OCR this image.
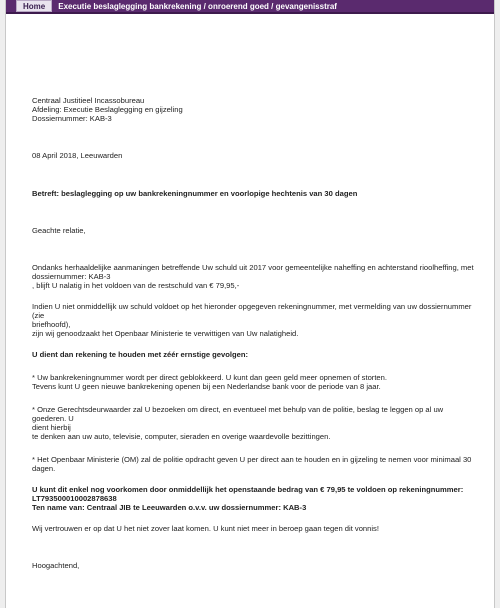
Home	Executie beslaglegging bankrekening / onroerend goed / gevangenisstraf

Centraal Justitieel Incassobureau

Afdeling: Executie Beslaglegging en gijzeling

Dossiernummer: KAB-3

08 April 2018, Leeuwarden

Betreft: beslaglegging op uw bankrekeningnummer en voorlopige hechtenis van 30 dagen

Geachte relatie,

Ondanks herhaaldelijke aanmaningen betreffende Uw schuld uit 2017 voor gemeentelijke naheffing en achterstand rioolheffing, met

dossiernummer: KAB-3

, blijft U nalatig in het voldoen van de restschuld van € 79,95,-

Indien U niet onmiddellijk uw schuld voldoet op het hieronder opgegeven rekeningnummer, met vermelding van uw dossiernummer (zie

briefhoofd),

zijn wij genoodzaakt het Openbaar Ministerie te verwittigen van Uw nalatigheid.

U dient dan rekening te houden met zéér ernstige gevolgen:

* Uw bankrekeningnummer wordt per direct geblokkeerd. U kunt dan geen geld meer opnemen of storten.

Tevens kunt U geen nieuwe bankrekening openen bij een Nederlandse bank voor de periode van 8 jaar.

* Onze Gerechtsdeurwaarder zal U bezoeken om direct, en eventueel met behulp van de politie, beslag te leggen op al uw goederen. U

dient hierbij

te denken aan uw auto, televisie, computer, sieraden en overige waardevolle bezittingen.

* Het Openbaar Ministerie (OM) zal de politie opdracht geven U per direct aan te houden en in gijzeling te nemen voor minimaal 30

dagen.

U kunt dit enkel nog voorkomen door onmiddellijk het openstaande bedrag van € 79,95 te voldoen op rekeningnummer:

LT793500010002878638

Ten name van: Centraal JIB te Leeuwarden o.v.v. uw dossiernummer: KAB-3

Wij vertrouwen er op dat U het niet zover laat komen. U kunt niet meer in beroep gaan tegen dit vonnis!

Hoogachtend,
